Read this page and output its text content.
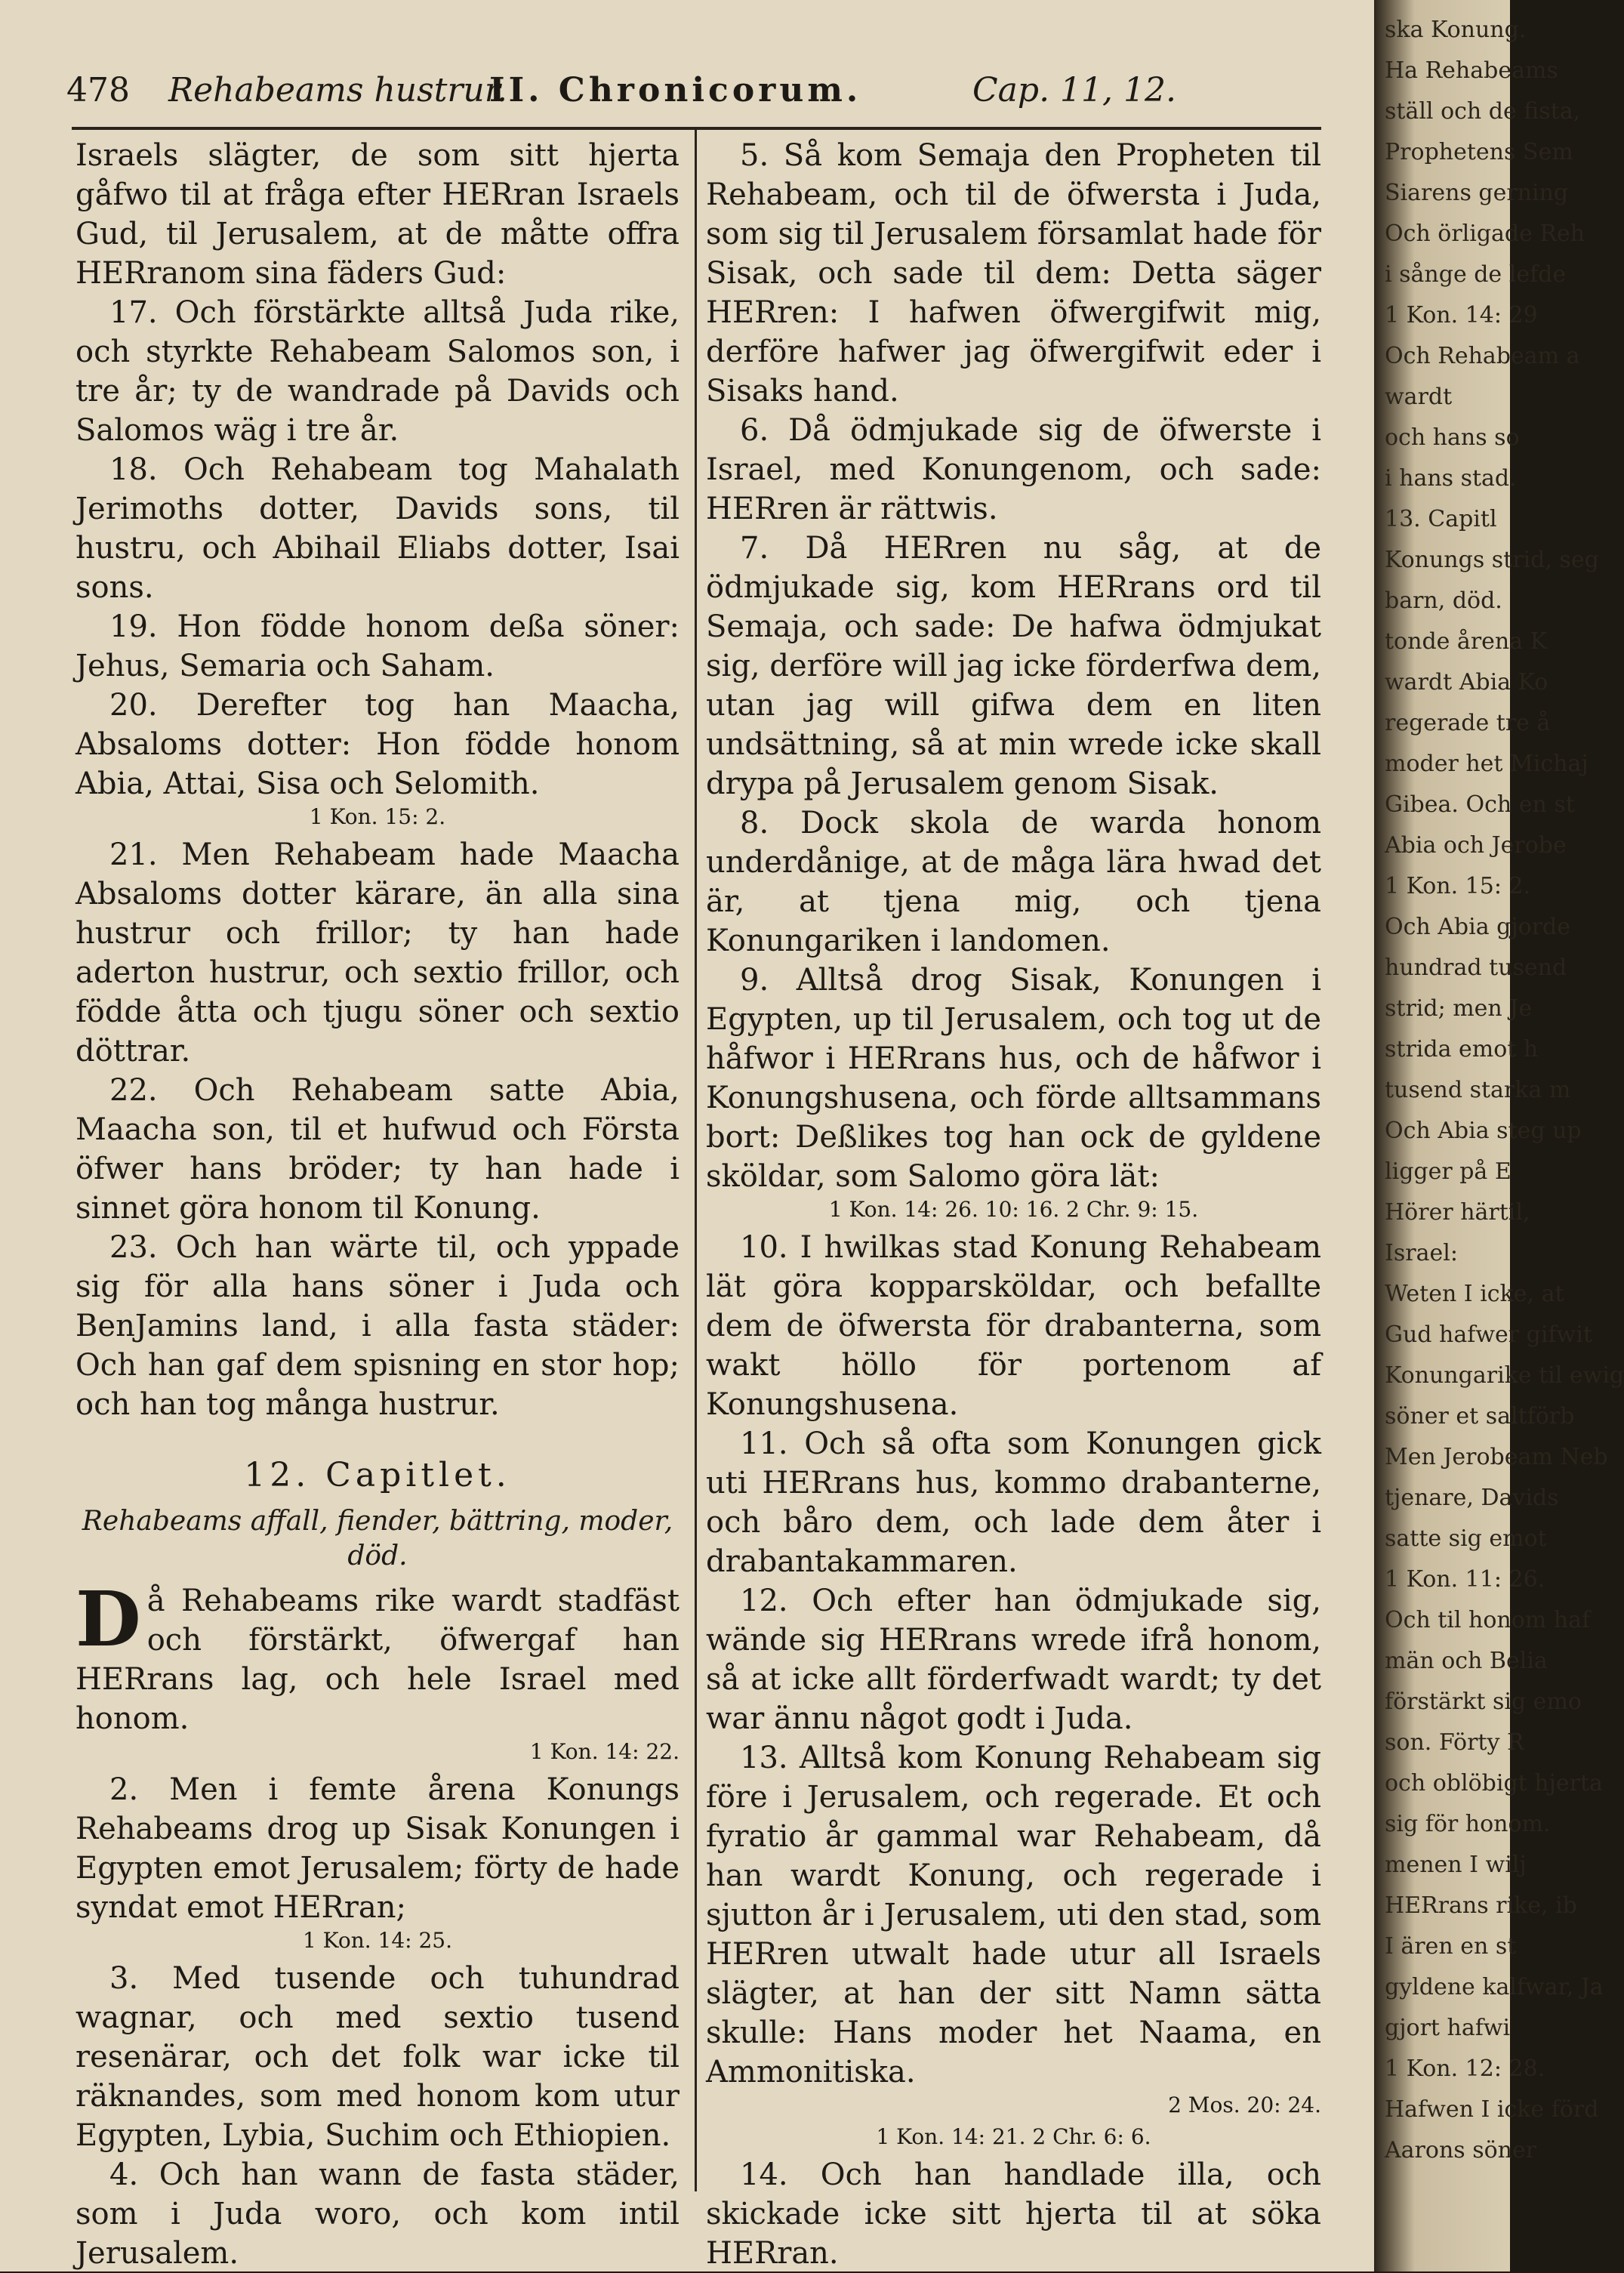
478 Rehabeams hustrur.
II. Chronicorum.	Cap. 11, 12.

Israels slägter, de som sitt hjerta gåfwo til at fråga efter HERran Israels Gud, til Jerusalem, at de måtte offra HERranom sina fäders Gud:

17. Och förstärkte alltså Juda rike, och styrkte Rehabeam Salomos son, i tre år; ty de wandrade på Davids och Salomos wäg i tre år.

18. Och Rehabeam tog Mahalath Jerimoths dotter, Davids sons, til hustru, och Abihail Eliabs dotter, Isai sons.

19. Hon födde honom deßa söner: Jehus, Semaria och Saham.

20. Derefter tog han Maacha, Absaloms dotter: Hon födde honom Abia, Attai, Sisa och Selomith.

1 Kon. 15: 2.

21. Men Rehabeam hade Maacha Absaloms dotter kärare, än alla sina hustrur och frillor; ty han hade aderton hustrur, och sextio frillor, och födde åtta och tjugu söner och sextio döttrar.

22. Och Rehabeam satte Abia, Maacha son, til et hufwud och Första öfwer hans bröder; ty han hade i sinnet göra honom til Konung.

23. Och han wärte til, och yppade sig för alla hans söner i Juda och BenJamins land, i alla fasta städer: Och han gaf dem spisning en stor hop; och han tog många hustrur.

12. Capitlet.
Rehabeams affall, fiender, bättring, moder, död.

Då Rehabeams rike wardt stadfäst och förstärkt, öfwergaf han HERrans lag, och hele Israel med honom.

1 Kon. 14: 22.

2. Men i femte årena Konungs Rehabeams drog up Sisak Konungen i Egypten emot Jerusalem; förty de hade syndat emot HERran;

1 Kon. 14: 25.

3. Med tusende och tuhundrad wagnar, och med sextio tusend resenärar, och det folk war icke til räknandes, som med honom kom utur Egypten, Lybia, Suchim och Ethiopien.

4. Och han wann de fasta städer, som i Juda woro, och kom intil Jerusalem.

5. Så kom Semaja den Propheten til Rehabeam, och til de öfwersta i Juda, som sig til Jerusalem församlat hade för Sisak, och sade til dem: Detta säger HERren: I hafwen öfwergifwit mig, derföre hafwer jag öfwergifwit eder i Sisaks hand.

6. Då ödmjukade sig de öfwerste i Israel, med Konungenom, och sade: HERren är rättwis.

7. Då HERren nu såg, at de ödmjukade sig, kom HERrans ord til Semaja, och sade: De hafwa ödmjukat sig, derföre will jag icke förderfwa dem, utan jag will gifwa dem en liten undsättning, så at min wrede icke skall drypa på Jerusalem genom Sisak.

8. Dock skola de warda honom underdånige, at de måga lära hwad det är, at tjena mig, och tjena Konungariken i landomen.

9. Alltså drog Sisak, Konungen i Egypten, up til Jerusalem, och tog ut de håfwor i HERrans hus, och de håfwor i Konungshusena, och förde alltsammans bort: Deßlikes tog han ock de gyldene sköldar, som Salomo göra lät:

1 Kon. 14: 26. 10: 16. 2 Chr. 9: 15.

10. I hwilkas stad Konung Rehabeam lät göra kopparsköldar, och befallte dem de öfwersta för drabanterna, som wakt höllo för portenom af Konungshusena.

11. Och så ofta som Konungen gick uti HERrans hus, kommo drabanterne, och båro dem, och lade dem åter i drabantakammaren.

12. Och efter han ödmjukade sig, wände sig HERrans wrede ifrå honom, så at icke allt förderfwadt wardt; ty det war ännu något godt i Juda.

13. Alltså kom Konung Rehabeam sig före i Jerusalem, och regerade. Et och fyratio år gammal war Rehabeam, då han wardt Konung, och regerade i sjutton år i Jerusalem, uti den stad, som HERren utwalt hade utur all Israels slägter, at han der sitt Namn sätta skulle: Hans moder het Naama, en Ammonitiska.

2 Mos. 20: 24.

1 Kon. 14: 21. 2 Chr. 6: 6.

14. Och han handlade illa, och skickade icke sitt hjerta til at söka HERran.

ska Konung.
Ha Rehabeams
ställ och de fista,
Prophetens Sem
Siarens gerning
Och örligade Reh
i sånge de lefde
1 Kon. 14: 29
Och Rehabeam a
wardt
och hans so
i hans stad.
13. Capitl
Konungs strid, seg
barn, död.
tonde årena K
wardt Abia Ko
regerade tre å
moder het Michaj
Gibea. Och en st
Abia och Jerobe
1 Kon. 15: 2.
Och Abia gjorde
hundrad tusend
strid; men Je
strida emot h
tusend starka m
Och Abia steg up
ligger på E
Hörer härtil,
Israel:
Weten I icke, at
Gud hafwer gifwit
Konungarike til ewig
söner et saltförb
Men Jerobeam Neb
tjenare, Davids
satte sig emot
1 Kon. 11: 26.
Och til honom haf
män och Belia
förstärkt sig emo
son. Förty R
och oblöbigt hjerta
sig för honom.
menen I wilj
HERrans rike, ib
I ären en st
gyldene kalfwar, Ja
gjort hafwi
1 Kon. 12: 28.
Hafwen I icke förd
Aarons söner
